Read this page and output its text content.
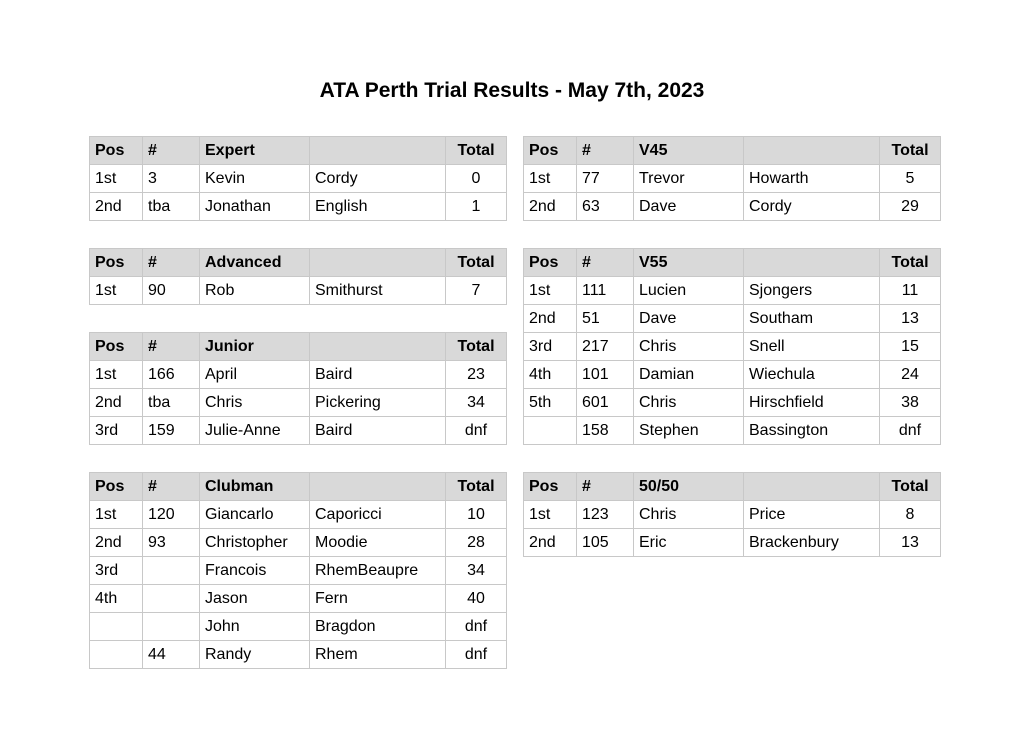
ATA Perth Trial Results - May 7th, 2023
Pos	#	Expert		Total
1st	3	Kevin	Cordy	0
2nd	tba	Jonathan	English	1
Pos	#	Advanced		Total
1st	90	Rob	Smithurst	7
Pos	#	Junior		Total
1st	166	April	Baird	23
2nd	tba	Chris	Pickering	34
3rd	159	Julie-Anne	Baird	dnf
Pos	#	Clubman		Total
1st	120	Giancarlo	Caporicci	10
2nd	93	Christopher	Moodie	28
3rd		Francois	RhemBeaupre	34
4th		Jason	Fern	40
		John	Bragdon	dnf
	44	Randy	Rhem	dnf
Pos	#	V45		Total
1st	77	Trevor	Howarth	5
2nd	63	Dave	Cordy	29
Pos	#	V55		Total
1st	111	Lucien	Sjongers	11
2nd	51	Dave	Southam	13
3rd	217	Chris	Snell	15
4th	101	Damian	Wiechula	24
5th	601	Chris	Hirschfield	38
	158	Stephen	Bassington	dnf
Pos	#	50/50		Total
1st	123	Chris	Price	8
2nd	105	Eric	Brackenbury	13
